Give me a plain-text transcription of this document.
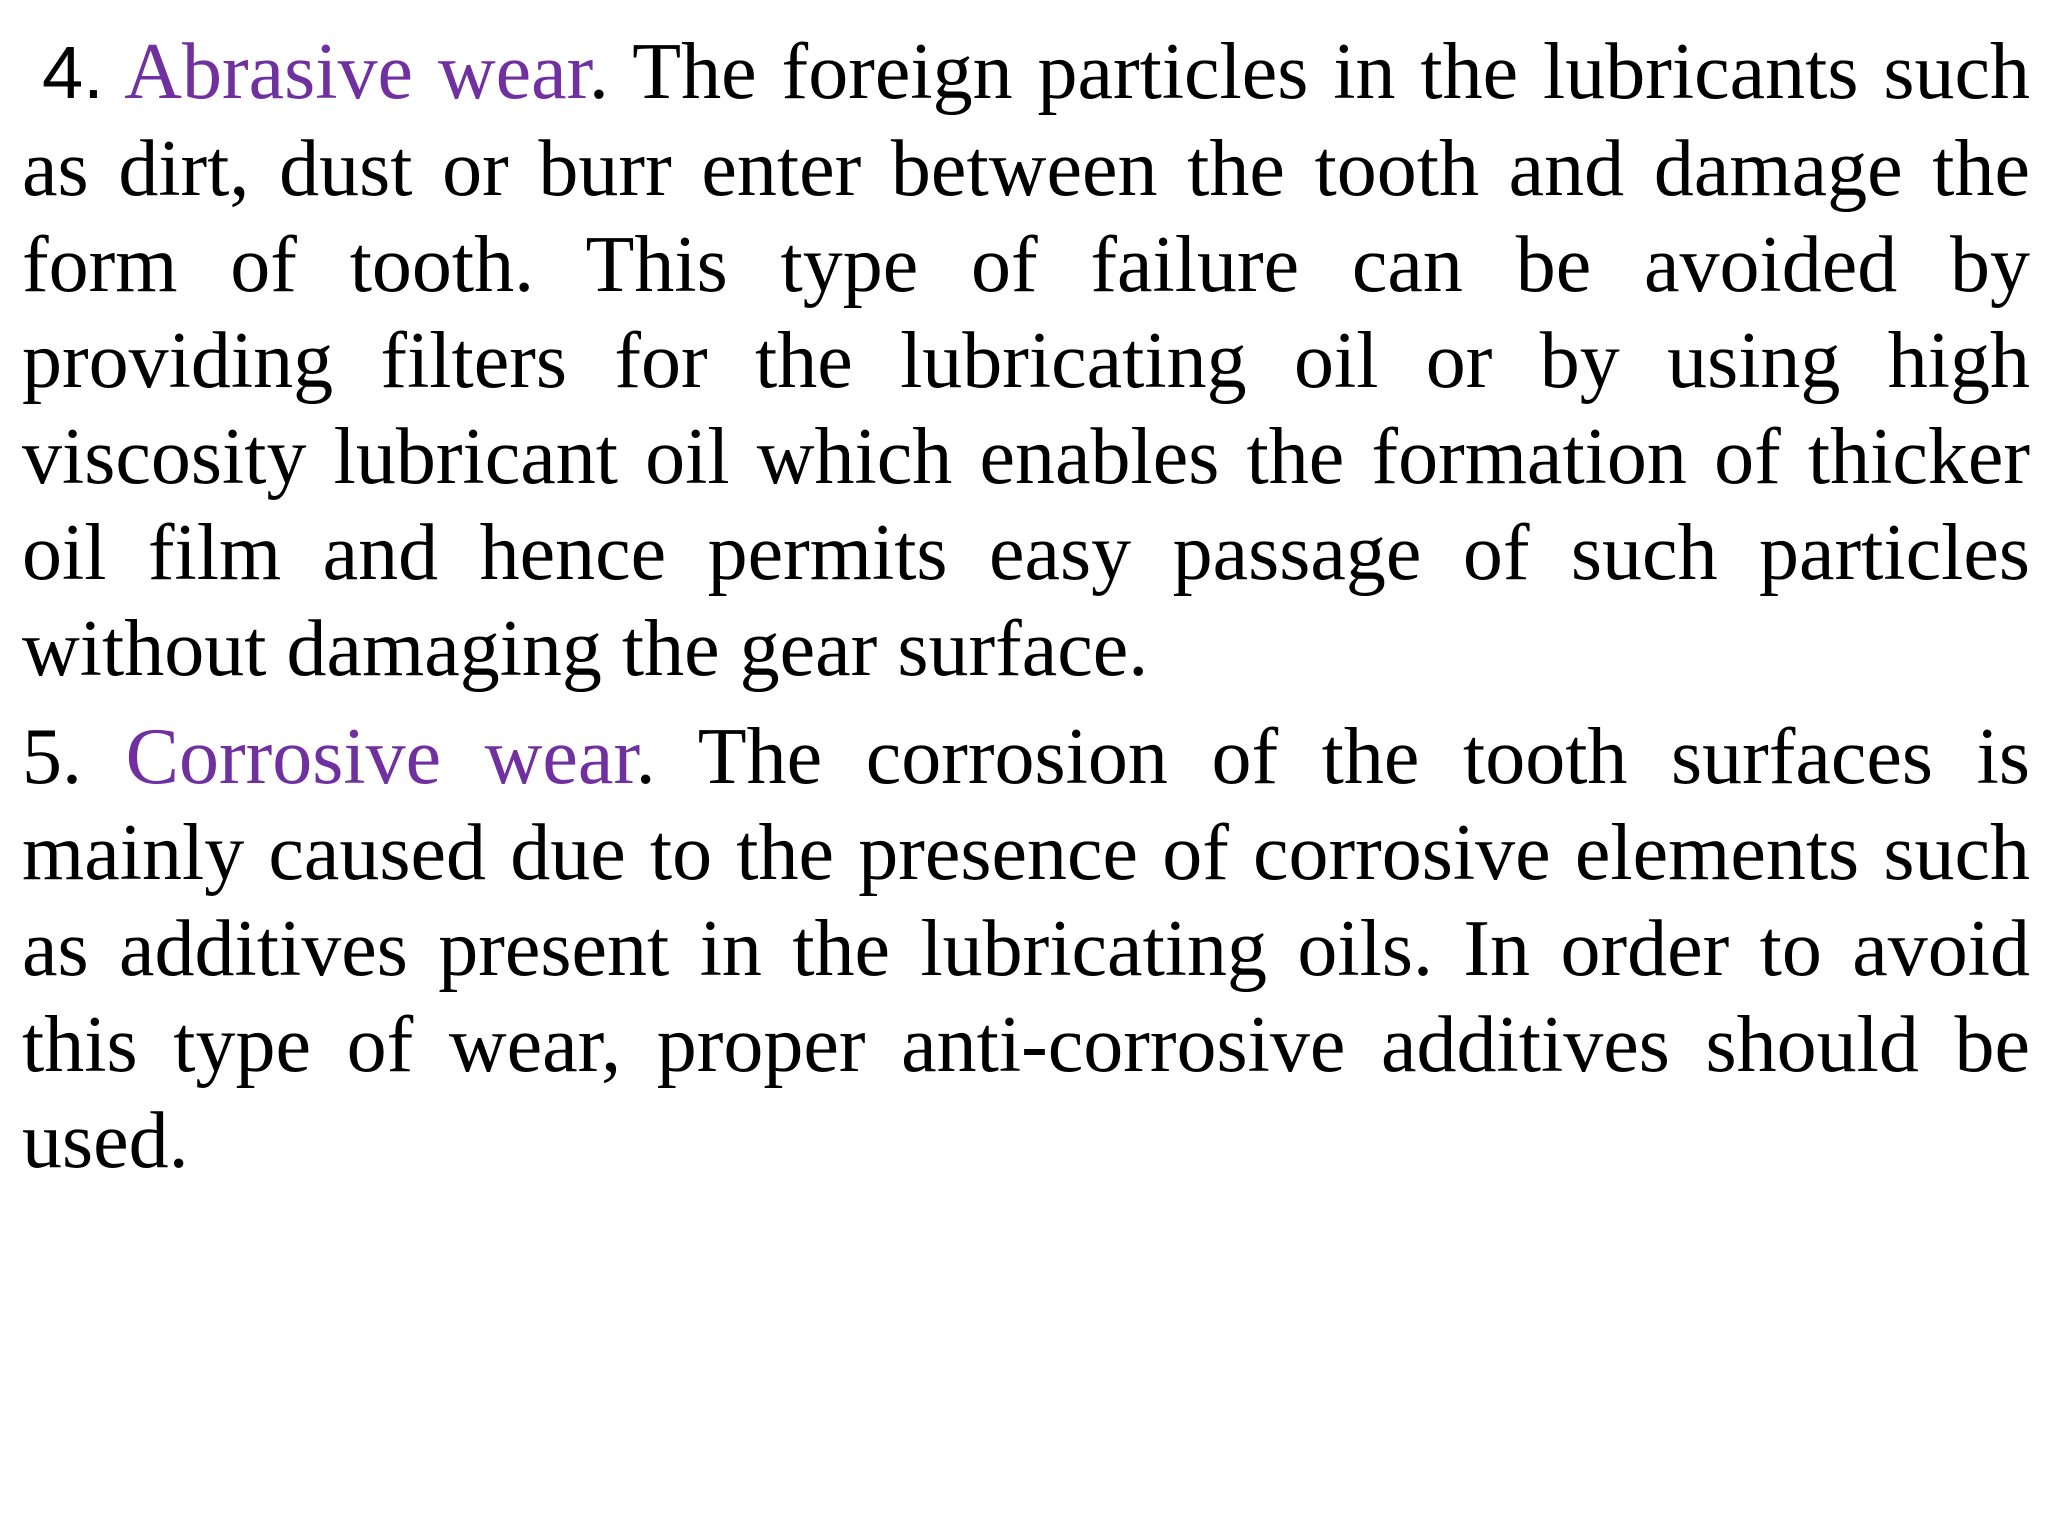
4. Abrasive wear. The foreign particles in the lubricants such as dirt, dust or burr enter between the tooth and damage the form of tooth. This type of failure can be avoided by providing filters for the lubricating oil or by using high viscosity lubricant oil which enables the formation of thicker oil film and hence permits easy passage of such particles without damaging the gear surface.

5. Corrosive wear. The corrosion of the tooth surfaces is mainly caused due to the presence of corrosive elements such as additives present in the lubricating oils. In order to avoid this type of wear, proper anti-corrosive additives should be used.
